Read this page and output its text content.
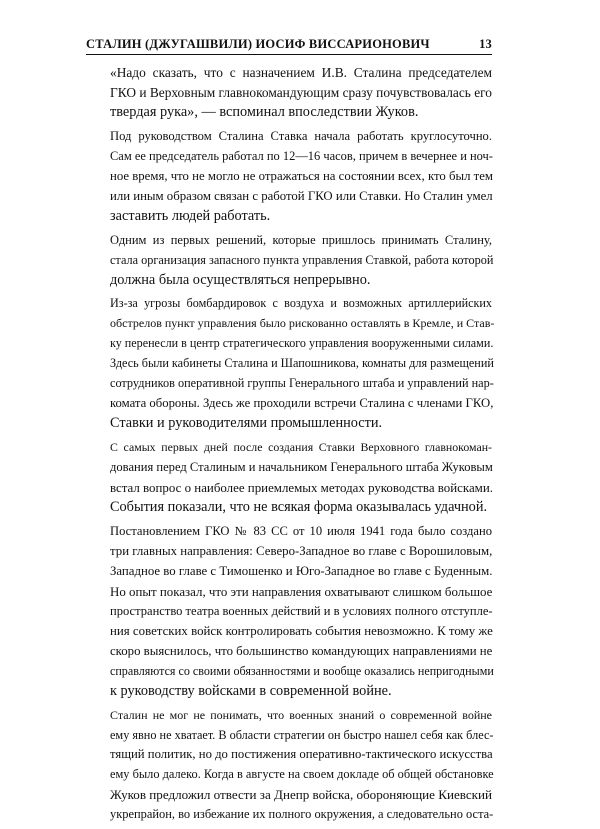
СТАЛИН (ДЖУГАШВИЛИ) ИОСИФ ВИССАРИОНОВИЧ	13

«Надо сказать, что с назначением И.В. Сталина председателем
ГКО и Верховным главнокомандующим сразу почувствовалась его
твердая рука», — вспоминал впоследствии Жуков.

Под руководством Сталина Ставка начала работать круглосуточно.
Сам ее председатель работал по 12—16 часов, причем в вечернее и ноч-
ное время, что не могло не отражаться на состоянии всех, кто был тем
или иным образом связан с работой ГКО или Ставки. Но Сталин умел
заставить людей работать.

Одним из первых решений, которые пришлось принимать Сталину,
стала организация запасного пункта управления Ставкой, работа которой
должна была осуществляться непрерывно.

Из-за угрозы бомбардировок с воздуха и возможных артиллерийских
обстрелов пункт управления было рискованно оставлять в Кремле, и Став-
ку перенесли в центр стратегического управления вооруженными силами.
Здесь были кабинеты Сталина и Шапошникова, комнаты для размещений
сотрудников оперативной группы Генерального штаба и управлений нар-
комата обороны. Здесь же проходили встречи Сталина с членами ГКО,
Ставки и руководителями промышленности.

С самых первых дней после создания Ставки Верховного главнокоман-
дования перед Сталиным и начальником Генерального штаба Жуковым
встал вопрос о наиболее приемлемых методах руководства войсками.
События показали, что не всякая форма оказывалась удачной.

Постановлением ГКО № 83 СС от 10 июля 1941 года было создано
три главных направления: Северо-Западное во главе с Ворошиловым,
Западное во главе с Тимошенко и Юго-Западное во главе с Буденным.
Но опыт показал, что эти направления охватывают слишком большое
пространство театра военных действий и в условиях полного отступле-
ния советских войск контролировать события невозможно. К тому же
скоро выяснилось, что большинство командующих направлениями не
справляются со своими обязанностями и вообще оказались непригодными
к руководству войсками в современной войне.

Сталин не мог не понимать, что военных знаний о современной войне
ему явно не хватает. В области стратегии он быстро нашел себя как блес-
тящий политик, но до постижения оперативно-тактического искусства
ему было далеко. Когда в августе на своем докладе об общей обстановке
Жуков предложил отвести за Днепр войска, обороняющие Киевский
укрепрайон, во избежание их полного окружения, а следовательно оста-
